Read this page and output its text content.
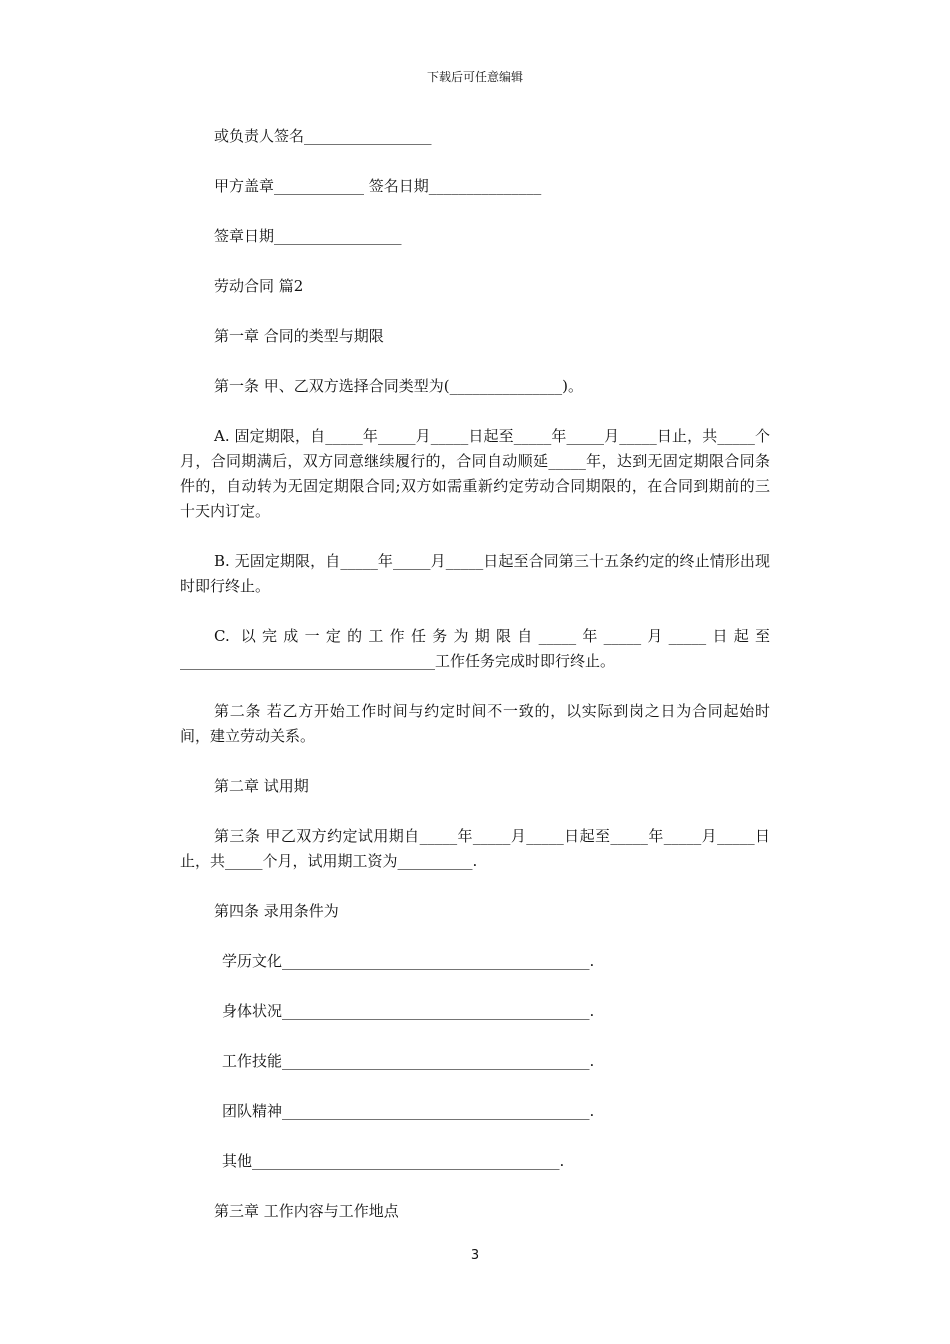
下载后可任意编辑

或负责人签名_________________

甲方盖章____________ 签名日期_______________

签章日期_________________

劳动合同 篇2

第一章 合同的类型与期限

第一条 甲、乙双方选择合同类型为(_______________)。

A. 固定期限，自_____年_____月_____日起至_____年_____月_____日止，共_____个月，合同期满后，双方同意继续履行的，合同自动顺延_____年，达到无固定期限合同条件的，自动转为无固定期限合同;双方如需重新约定劳动合同期限的，在合同到期前的三十天内订定。

B. 无固定期限，自_____年_____月_____日起至合同第三十五条约定的终止情形出现时即行终止。

C. 以完成一定的工作任务为期限自_____年_____月_____日起至__________________________________工作任务完成时即行终止。

第二条 若乙方开始工作时间与约定时间不一致的，以实际到岗之日为合同起始时间，建立劳动关系。

第二章 试用期

第三条 甲乙双方约定试用期自_____年_____月_____日起至_____年_____月_____日止，共_____个月，试用期工资为__________.

第四条 录用条件为

学历文化_________________________________________.

身体状况_________________________________________.

工作技能_________________________________________.

团队精神_________________________________________.

其他_________________________________________.

第三章 工作内容与工作地点

3
